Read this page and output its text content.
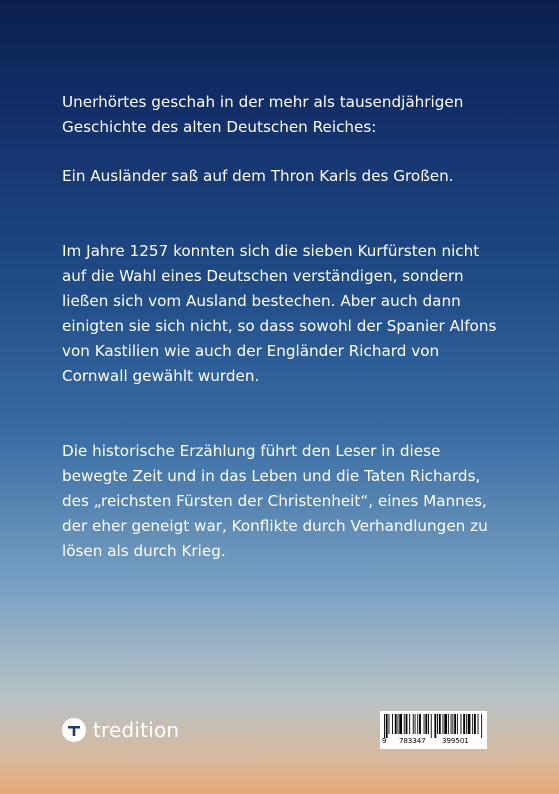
Unerhörtes geschah in der mehr als tausendjährigen

Geschichte des alten Deutschen Reiches:

Ein Ausländer saß auf dem Thron Karls des Großen.

Im Jahre 1257 konnten sich die sieben Kurfürsten nicht

auf die Wahl eines Deutschen verständigen, sondern

ließen sich vom Ausland bestechen. Aber auch dann

einigten sie sich nicht, so dass sowohl der Spanier Alfons

von Kastilien wie auch der Engländer Richard von

Cornwall gewählt wurden.

Die historische Erzählung führt den Leser in diese

bewegte Zeit und in das Leben und die Taten Richards,

des „reichsten Fürsten der Christenheit“, eines Mannes,

der eher geneigt war, Konflikte durch Verhandlungen zu

lösen als durch Krieg.

tredition	9 783347 399501
